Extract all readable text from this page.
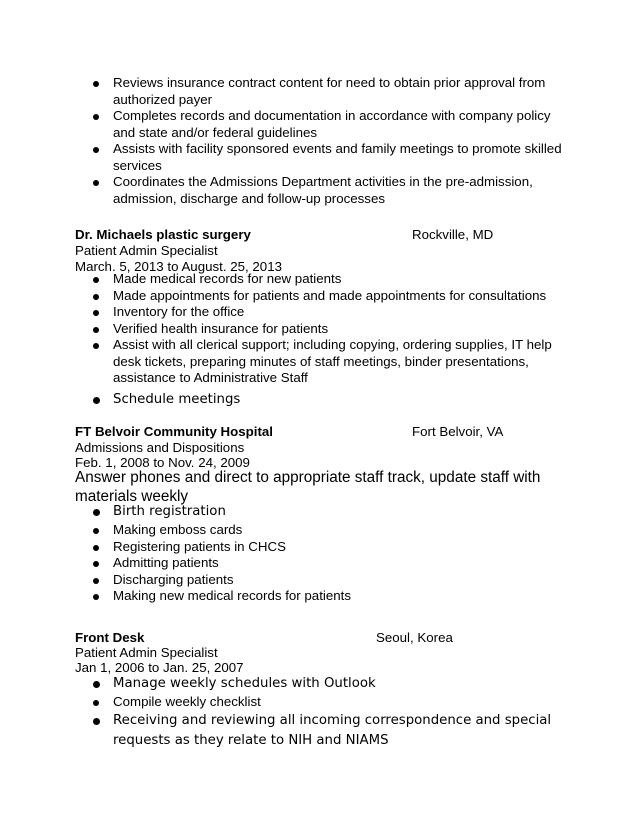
Reviews insurance contract content for need to obtain prior approval from authorized payer
Completes records and documentation in accordance with company policy and state and/or federal guidelines
Assists with facility sponsored events and family meetings to promote skilled services
Coordinates the Admissions Department activities in the pre-admission, admission, discharge and follow-up processes
Dr. Michaels plastic surgery	Rockville, MD
Patient Admin Specialist
March. 5, 2013 to August. 25, 2013
Made medical records for new patients
Made appointments for patients and made appointments for consultations
Inventory for the office
Verified health insurance for patients
Assist with all clerical support; including copying, ordering supplies, IT help desk tickets, preparing minutes of staff meetings, binder presentations, assistance to Administrative Staff
Schedule meetings
FT Belvoir Community Hospital	Fort Belvoir, VA
Admissions and Dispositions
Feb. 1, 2008 to Nov. 24, 2009
Answer phones and direct to appropriate staff track, update staff with materials weekly
Birth registration
Making emboss cards
Registering patients in CHCS
Admitting patients
Discharging patients
Making new medical records for patients
Front Desk	Seoul, Korea
Patient Admin Specialist
Jan 1, 2006 to Jan. 25, 2007
Manage weekly schedules with Outlook
Compile weekly checklist
Receiving and reviewing all incoming correspondence and special requests as they relate to NIH and NIAMS
